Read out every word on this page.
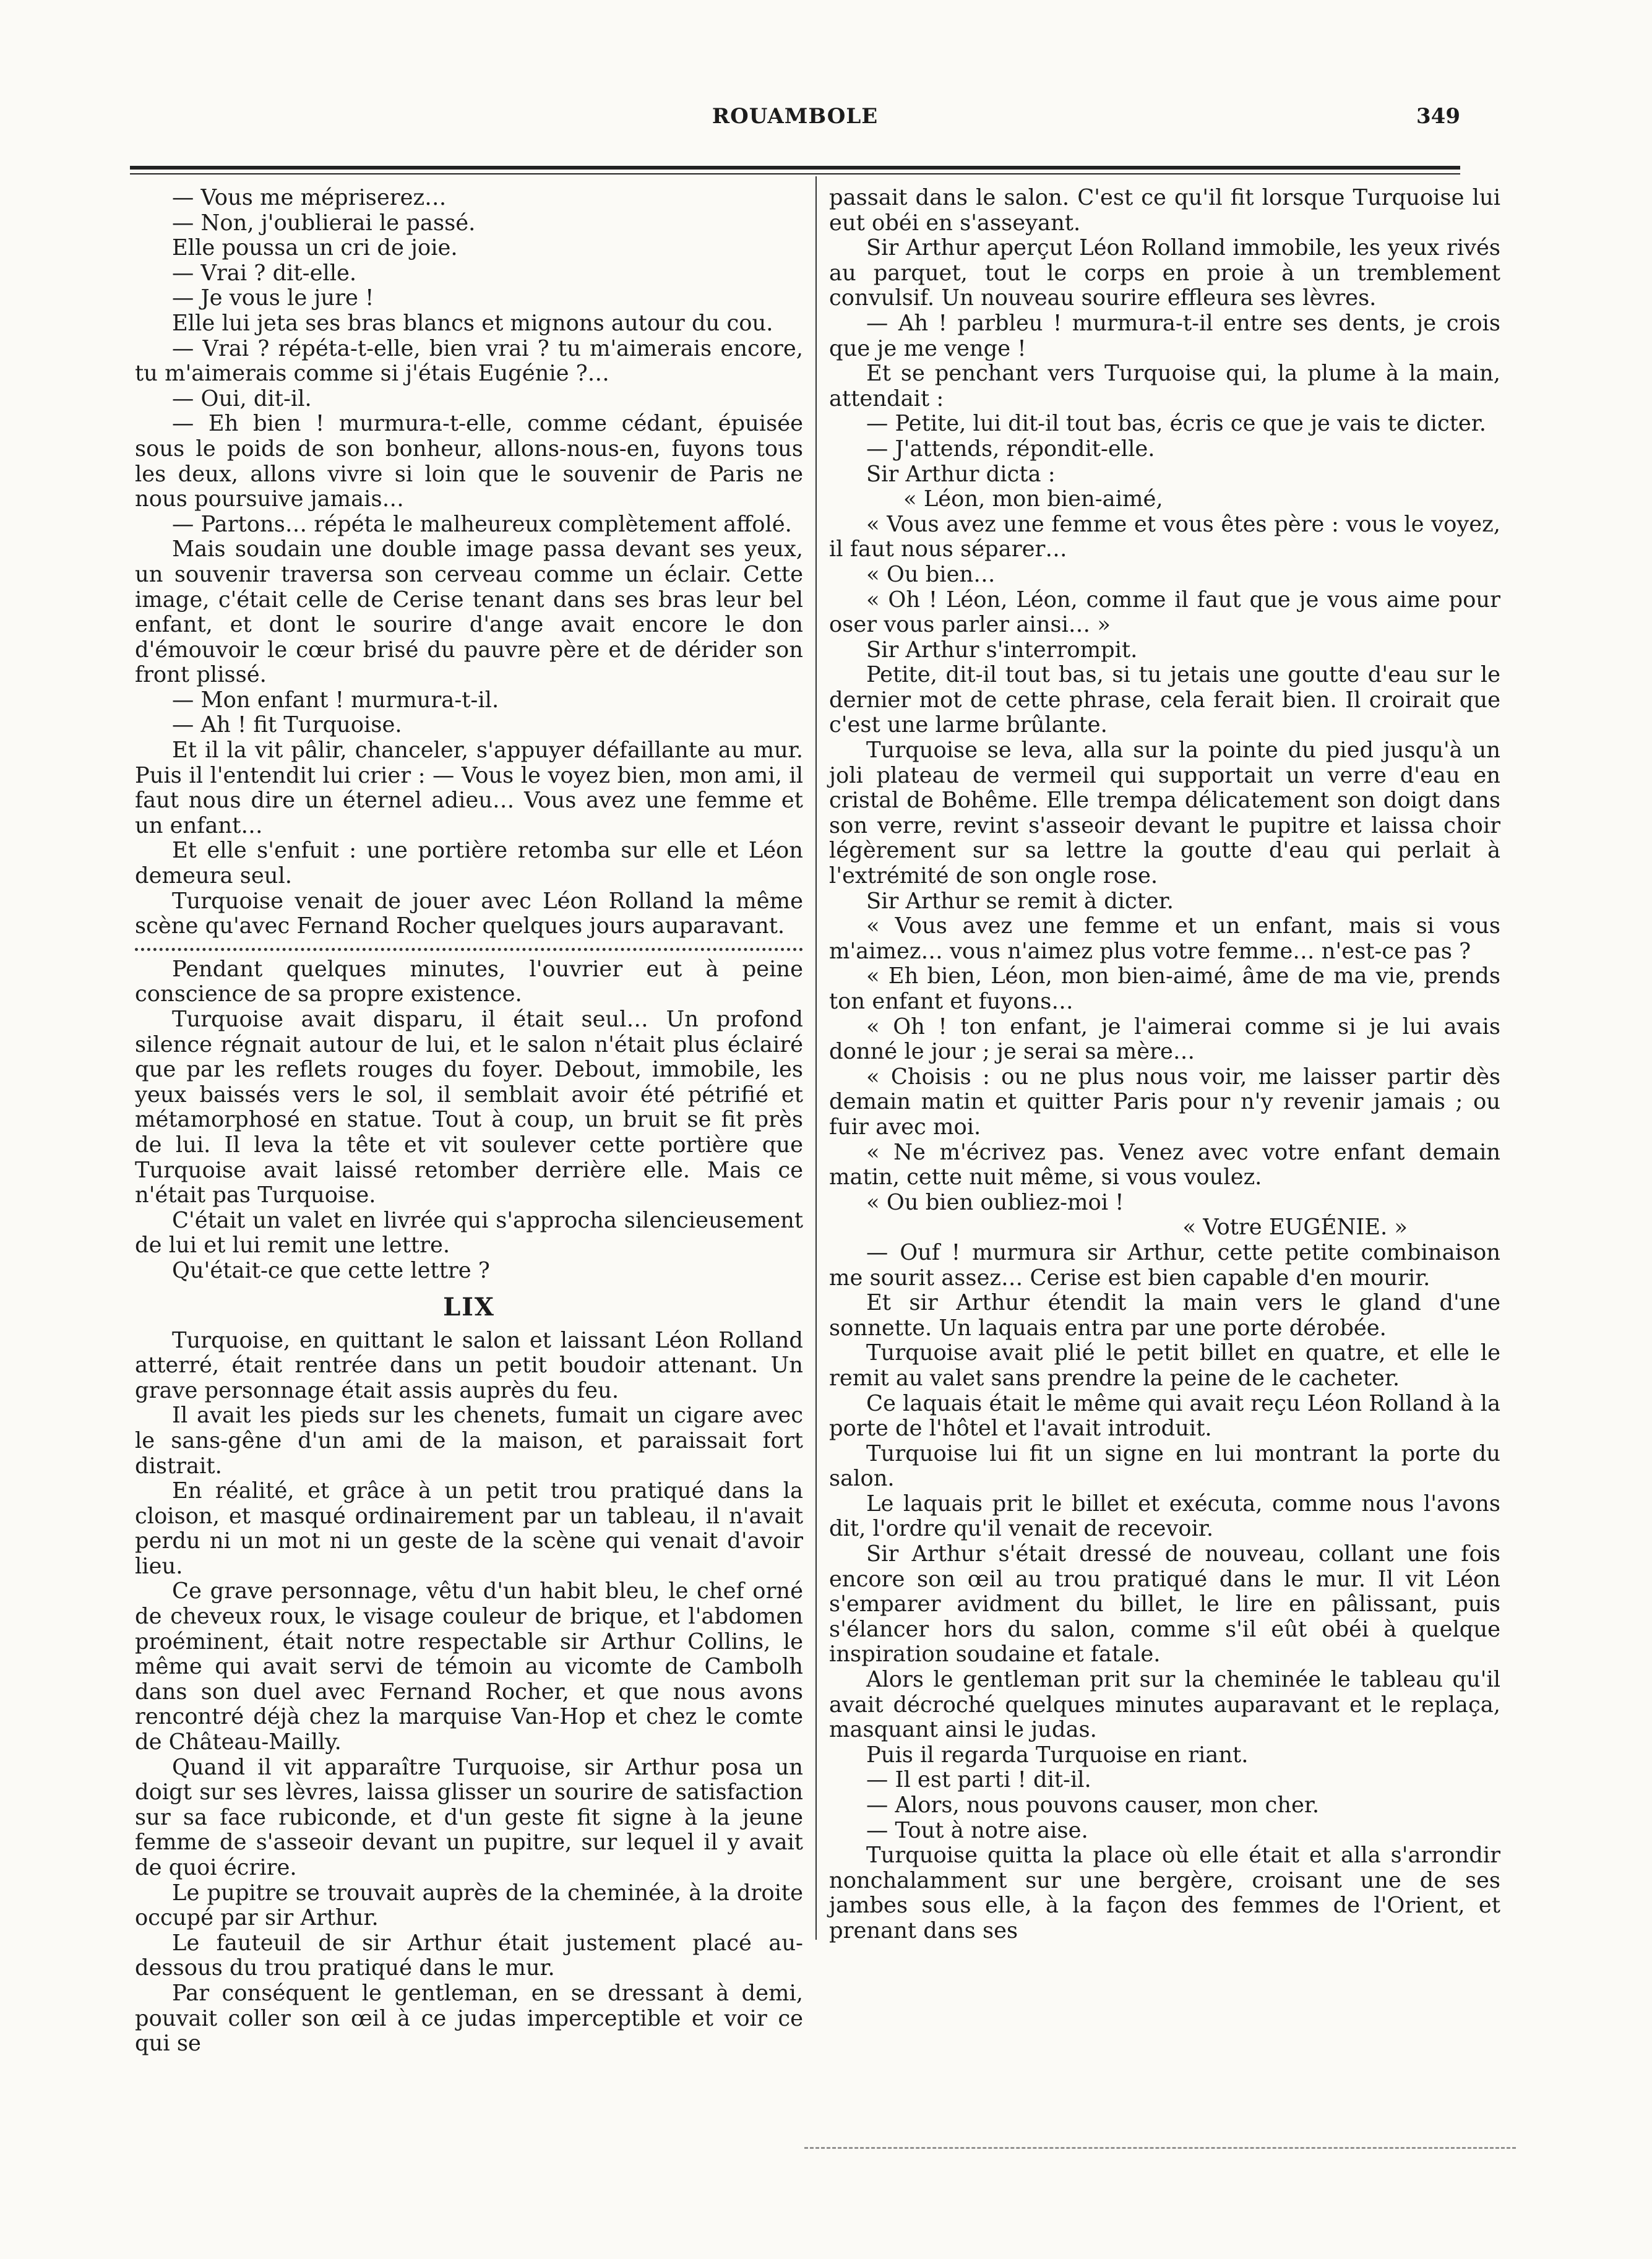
ROUAMBOLE	349

— Vous me mépriserez…

— Non, j'oublierai le passé.

Elle poussa un cri de joie.

— Vrai ? dit-elle.

— Je vous le jure !

Elle lui jeta ses bras blancs et mignons autour du cou.

— Vrai ? répéta-t-elle, bien vrai ? tu m'aimerais encore, tu m'aimerais comme si j'étais Eugénie ?…

— Oui, dit-il.

— Eh bien ! murmura-t-elle, comme cédant, épuisée sous le poids de son bonheur, allons-nous-en, fuyons tous les deux, allons vivre si loin que le souvenir de Paris ne nous poursuive jamais…

— Partons… répéta le malheureux complètement affolé.

Mais soudain une double image passa devant ses yeux, un souvenir traversa son cerveau comme un éclair. Cette image, c'était celle de Cerise tenant dans ses bras leur bel enfant, et dont le sourire d'ange avait encore le don d'émouvoir le cœur brisé du pauvre père et de dérider son front plissé.

— Mon enfant ! murmura-t-il.

— Ah ! fit Turquoise.

Et il la vit pâlir, chanceler, s'appuyer défaillante au mur. Puis il l'entendit lui crier : — Vous le voyez bien, mon ami, il faut nous dire un éternel adieu… Vous avez une femme et un enfant…

Et elle s'enfuit : une portière retomba sur elle et Léon demeura seul.

Turquoise venait de jouer avec Léon Rolland la même scène qu'avec Fernand Rocher quelques jours auparavant.

Pendant quelques minutes, l'ouvrier eut à peine conscience de sa propre existence.

Turquoise avait disparu, il était seul… Un profond silence régnait autour de lui, et le salon n'était plus éclairé que par les reflets rouges du foyer. Debout, immobile, les yeux baissés vers le sol, il semblait avoir été pétrifié et métamorphosé en statue. Tout à coup, un bruit se fit près de lui. Il leva la tête et vit soulever cette portière que Turquoise avait laissé retomber derrière elle. Mais ce n'était pas Turquoise.

C'était un valet en livrée qui s'approcha silencieusement de lui et lui remit une lettre.

Qu'était-ce que cette lettre ?

LIX

Turquoise, en quittant le salon et laissant Léon Rolland atterré, était rentrée dans un petit boudoir attenant. Un grave personnage était assis auprès du feu.

Il avait les pieds sur les chenets, fumait un cigare avec le sans-gêne d'un ami de la maison, et paraissait fort distrait.

En réalité, et grâce à un petit trou pratiqué dans la cloison, et masqué ordinairement par un tableau, il n'avait perdu ni un mot ni un geste de la scène qui venait d'avoir lieu.

Ce grave personnage, vêtu d'un habit bleu, le chef orné de cheveux roux, le visage couleur de brique, et l'abdomen proéminent, était notre respectable sir Arthur Collins, le même qui avait servi de témoin au vicomte de Cambolh dans son duel avec Fernand Rocher, et que nous avons rencontré déjà chez la marquise Van-Hop et chez le comte de Château-Mailly.

Quand il vit apparaître Turquoise, sir Arthur posa un doigt sur ses lèvres, laissa glisser un sourire de satisfaction sur sa face rubiconde, et d'un geste fit signe à la jeune femme de s'asseoir devant un pupitre, sur lequel il y avait de quoi écrire.

Le pupitre se trouvait auprès de la cheminée, à la droite occupé par sir Arthur.

Le fauteuil de sir Arthur était justement placé au-dessous du trou pratiqué dans le mur.

Par conséquent le gentleman, en se dressant à demi, pouvait coller son œil à ce judas imperceptible et voir ce qui se

passait dans le salon. C'est ce qu'il fit lorsque Turquoise lui eut obéi en s'asseyant.

Sir Arthur aperçut Léon Rolland immobile, les yeux rivés au parquet, tout le corps en proie à un tremblement convulsif. Un nouveau sourire effleura ses lèvres.

— Ah ! parbleu ! murmura-t-il entre ses dents, je crois que je me venge !

Et se penchant vers Turquoise qui, la plume à la main, attendait :

— Petite, lui dit-il tout bas, écris ce que je vais te dicter.

— J'attends, répondit-elle.

Sir Arthur dicta :

« Léon, mon bien-aimé,

« Vous avez une femme et vous êtes père : vous le voyez, il faut nous séparer…

« Ou bien…

« Oh ! Léon, Léon, comme il faut que je vous aime pour oser vous parler ainsi… »

Sir Arthur s'interrompit.

Petite, dit-il tout bas, si tu jetais une goutte d'eau sur le dernier mot de cette phrase, cela ferait bien. Il croirait que c'est une larme brûlante.

Turquoise se leva, alla sur la pointe du pied jusqu'à un joli plateau de vermeil qui supportait un verre d'eau en cristal de Bohême. Elle trempa délicatement son doigt dans son verre, revint s'asseoir devant le pupitre et laissa choir légèrement sur sa lettre la goutte d'eau qui perlait à l'extrémité de son ongle rose.

Sir Arthur se remit à dicter.

« Vous avez une femme et un enfant, mais si vous m'aimez… vous n'aimez plus votre femme… n'est-ce pas ?

« Eh bien, Léon, mon bien-aimé, âme de ma vie, prends ton enfant et fuyons…

« Oh ! ton enfant, je l'aimerai comme si je lui avais donné le jour ; je serai sa mère…

« Choisis : ou ne plus nous voir, me laisser partir dès demain matin et quitter Paris pour n'y revenir jamais ; ou fuir avec moi.

« Ne m'écrivez pas. Venez avec votre enfant demain matin, cette nuit même, si vous voulez.

« Ou bien oubliez-moi !

« Votre EUGÉNIE. »

— Ouf ! murmura sir Arthur, cette petite combinaison me sourit assez… Cerise est bien capable d'en mourir.

Et sir Arthur étendit la main vers le gland d'une sonnette. Un laquais entra par une porte dérobée.

Turquoise avait plié le petit billet en quatre, et elle le remit au valet sans prendre la peine de le cacheter.

Ce laquais était le même qui avait reçu Léon Rolland à la porte de l'hôtel et l'avait introduit.

Turquoise lui fit un signe en lui montrant la porte du salon.

Le laquais prit le billet et exécuta, comme nous l'avons dit, l'ordre qu'il venait de recevoir.

Sir Arthur s'était dressé de nouveau, collant une fois encore son œil au trou pratiqué dans le mur. Il vit Léon s'emparer avidment du billet, le lire en pâlissant, puis s'élancer hors du salon, comme s'il eût obéi à quelque inspiration soudaine et fatale.

Alors le gentleman prit sur la cheminée le tableau qu'il avait décroché quelques minutes auparavant et le replaça, masquant ainsi le judas.

Puis il regarda Turquoise en riant.

— Il est parti ! dit-il.

— Alors, nous pouvons causer, mon cher.

— Tout à notre aise.

Turquoise quitta la place où elle était et alla s'arrondir nonchalamment sur une bergère, croisant une de ses jambes sous elle, à la façon des femmes de l'Orient, et prenant dans ses
